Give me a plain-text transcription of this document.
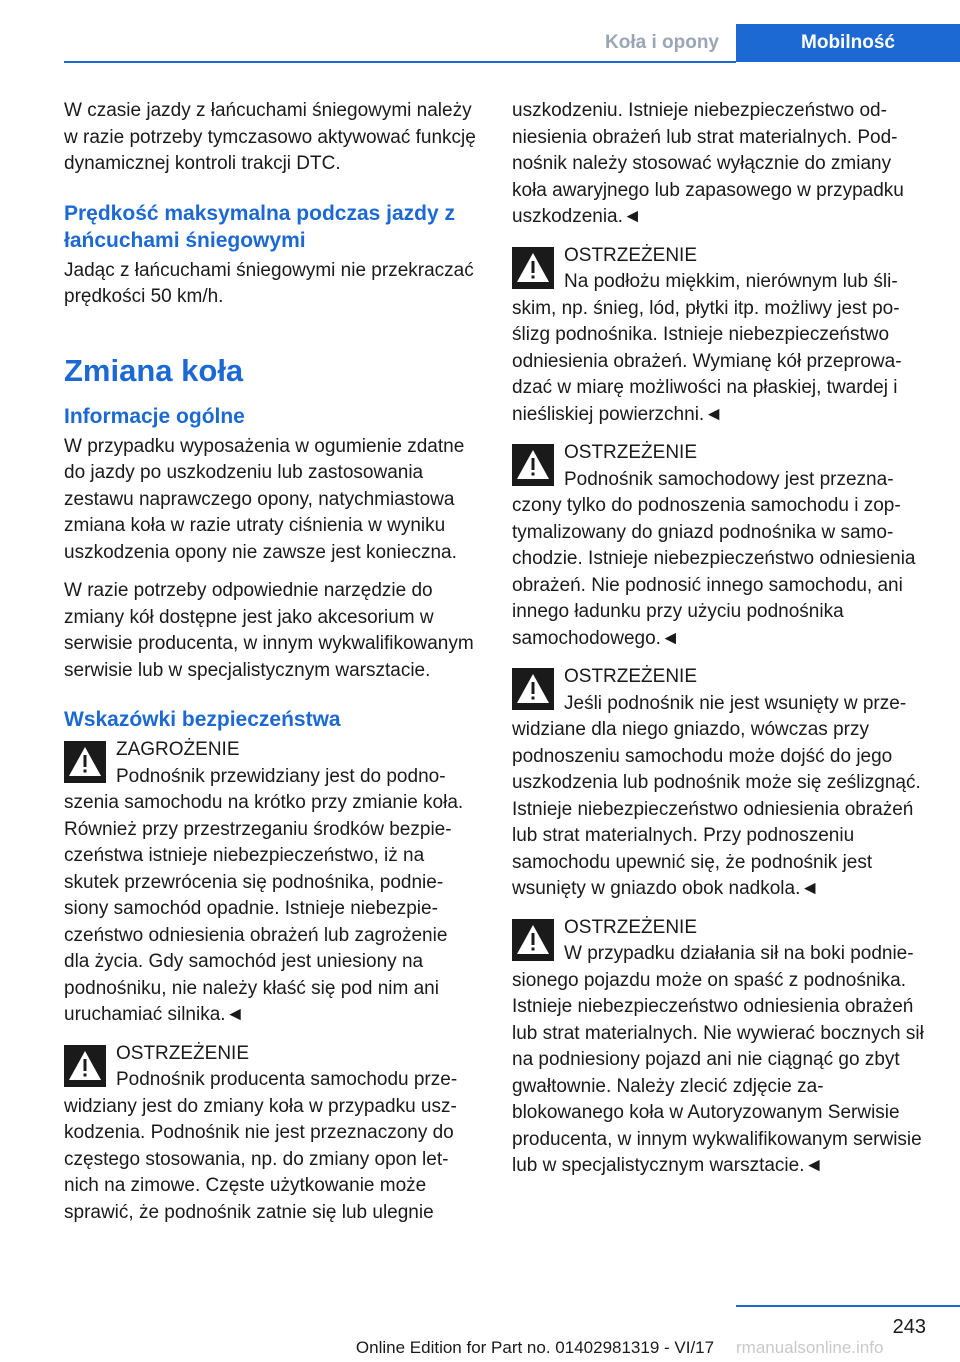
Koła i opony	Mobilność

W czasie jazdy z łańcuchami śniegowymi należy w razie potrzeby tymczasowo aktywować funkcję dynamicznej kontroli trakcji DTC.

Prędkość maksymalna podczas jazdy z łańcuchami śniegowymi

Jadąc z łańcuchami śniegowymi nie przekraczać prędkości 50 km/h.

Zmiana koła
Informacje ogólne

W przypadku wyposażenia w ogumienie zdatne do jazdy po uszkodzeniu lub zastosowania zestawu naprawczego opony, natychmiastowa zmiana koła w razie utraty ciśnienia w wyniku uszkodzenia opony nie zawsze jest konieczna.

W razie potrzeby odpowiednie narzędzie do zmiany kół dostępne jest jako akcesorium w serwisie producenta, w innym wykwalifikowanym serwisie lub w specjalistycznym warsztacie.

Wskazówki bezpieczeństwa
ZAGROŻENIE
Podnośnik przewidziany jest do podnoszenia samochodu na krótko przy zmianie koła. Również przy przestrzeganiu środków bezpieczeństwa istnieje niebezpieczeństwo, iż na skutek przewrócenia się podnośnika, podniesiony samochód opadnie. Istnieje niebezpieczeństwo odniesienia obrażeń lub zagrożenie dla życia. Gdy samochód jest uniesiony na podnośniku, nie należy kłaść się pod nim ani uruchamiać silnika.◄
OSTRZEŻENIE
Podnośnik producenta samochodu przewidziany jest do zmiany koła w przypadku uszkodzenia. Podnośnik nie jest przeznaczony do częstego stosowania, np. do zmiany opon letnich na zimowe. Częste użytkowanie może sprawić, że podnośnik zatnie się lub ulegnie

uszkodzeniu. Istnieje niebezpieczeństwo odniesienia obrażeń lub strat materialnych. Podnośnik należy stosować wyłącznie do zmiany koła awaryjnego lub zapasowego w przypadku uszkodzenia.◄

OSTRZEŻENIE
Na podłożu miękkim, nierównym lub śliskim, np. śnieg, lód, płytki itp. możliwy jest poślizg podnośnika. Istnieje niebezpieczeństwo odniesienia obrażeń. Wymianę kół przeprowadzać w miarę możliwości na płaskiej, twardej i nieśliskiej powierzchni.◄
OSTRZEŻENIE
Podnośnik samochodowy jest przeznaczony tylko do podnoszenia samochodu i zoptymalizowany do gniazd podnośnika w samochodzie. Istnieje niebezpieczeństwo odniesienia obrażeń. Nie podnosić innego samochodu, ani innego ładunku przy użyciu podnośnika samochodowego.◄
OSTRZEŻENIE
Jeśli podnośnik nie jest wsunięty w przewidziane dla niego gniazdo, wówczas przy podnoszeniu samochodu może dojść do jego uszkodzenia lub podnośnik może się ześlizgnąć. Istnieje niebezpieczeństwo odniesienia obrażeń lub strat materialnych. Przy podnoszeniu samochodu upewnić się, że podnośnik jest wsunięty w gniazdo obok nadkola.◄
OSTRZEŻENIE
W przypadku działania sił na boki podniesionego pojazdu może on spaść z podnośnika. Istnieje niebezpieczeństwo odniesienia obrażeń lub strat materialnych. Nie wywierać bocznych sił na podniesiony pojazd ani nie ciągnąć go zbyt gwałtownie. Należy zlecić zdjęcie zablokowanego koła w Autoryzowanym Serwisie producenta, w innym wykwalifikowanym serwisie lub w specjalistycznym warsztacie.◄
243
Online Edition for Part no. 01402981319 - VI/17	rmanualsonline.info
